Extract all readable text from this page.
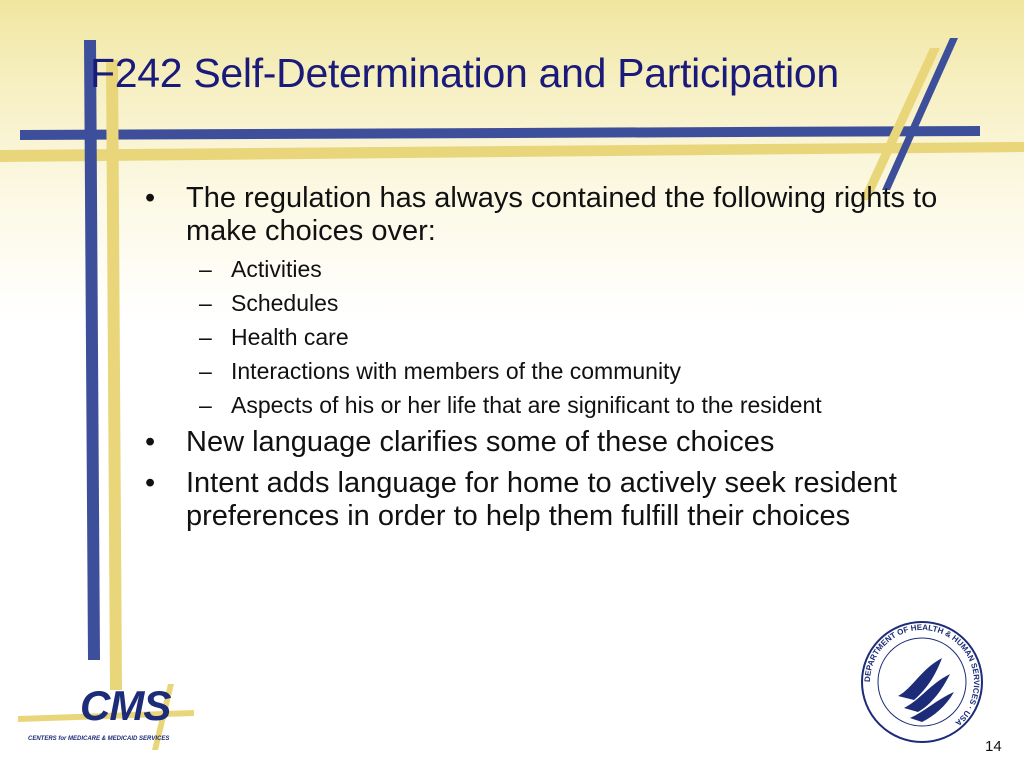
F242 Self-Determination and Participation
• The regulation has always contained the following rights to make choices over:
– Activities
– Schedules
– Health care
– Interactions with members of the community
– Aspects of his or her life that are significant to the resident
• New language clarifies some of these choices
• Intent adds language for home to actively seek resident preferences in order to help them fulfill their choices
CMS
CENTERS for MEDICARE & MEDICAID SERVICES
DEPARTMENT OF HEALTH & HUMAN SERVICES · USA
14
